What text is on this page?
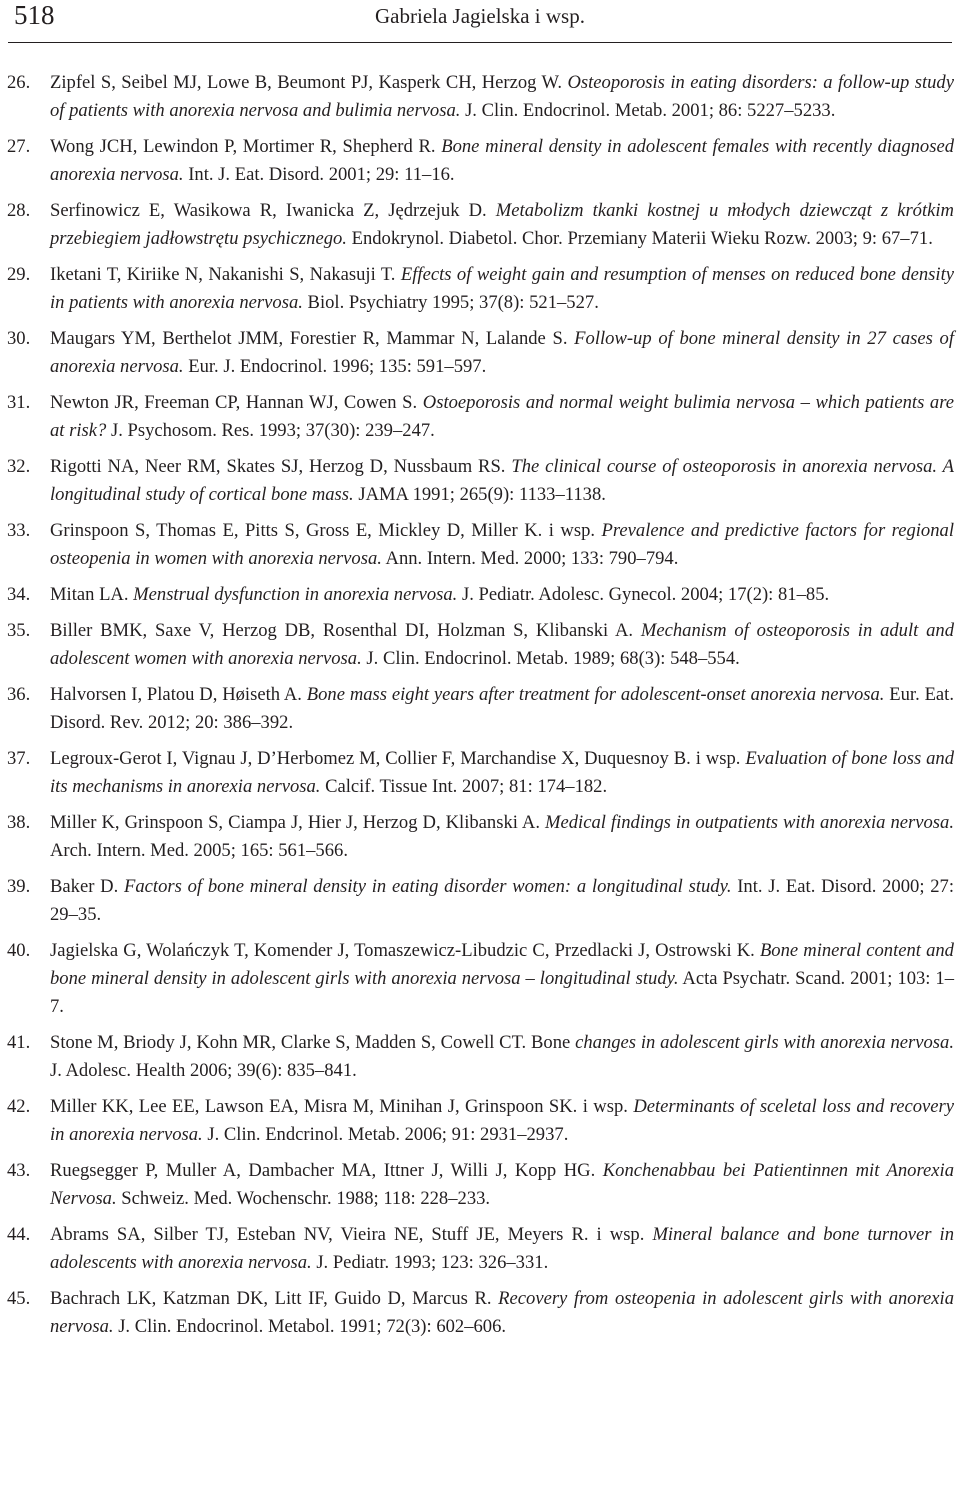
518	Gabriela Jagielska i wsp.
26. Zipfel S, Seibel MJ, Lowe B, Beumont PJ, Kasperk CH, Herzog W. Osteoporosis in eating disorders: a follow-up study of patients with anorexia nervosa and bulimia nervosa. J. Clin. Endocrinol. Metab. 2001; 86: 5227–5233.
27. Wong JCH, Lewindon P, Mortimer R, Shepherd R. Bone mineral density in adolescent females with recently diagnosed anorexia nervosa. Int. J. Eat. Disord. 2001; 29: 11–16.
28. Serfinowicz E, Wasikowa R, Iwanicka Z, Jędrzejuk D. Metabolizm tkanki kostnej u młodych dziewcząt z krótkim przebiegiem jadłowstrętu psychicznego. Endokrynol. Diabetol. Chor. Przemiany Materii Wieku Rozw. 2003; 9: 67–71.
29. Iketani T, Kiriike N, Nakanishi S, Nakasuji T. Effects of weight gain and resumption of menses on reduced bone density in patients with anorexia nervosa. Biol. Psychiatry 1995; 37(8): 521–527.
30. Maugars YM, Berthelot JMM, Forestier R, Mammar N, Lalande S. Follow-up of bone mineral density in 27 cases of anorexia nervosa. Eur. J. Endocrinol. 1996; 135: 591–597.
31. Newton JR, Freeman CP, Hannan WJ, Cowen S. Ostoeporosis and normal weight bulimia nervosa – which patients are at risk? J. Psychosom. Res. 1993; 37(30): 239–247.
32. Rigotti NA, Neer RM, Skates SJ, Herzog D, Nussbaum RS. The clinical course of osteoporosis in anorexia nervosa. A longitudinal study of cortical bone mass. JAMA 1991; 265(9): 1133–1138.
33. Grinspoon S, Thomas E, Pitts S, Gross E, Mickley D, Miller K. i wsp. Prevalence and predictive factors for regional osteopenia in women with anorexia nervosa. Ann. Intern. Med. 2000; 133: 790–794.
34. Mitan LA. Menstrual dysfunction in anorexia nervosa. J. Pediatr. Adolesc. Gynecol. 2004; 17(2): 81–85.
35. Biller BMK, Saxe V, Herzog DB, Rosenthal DI, Holzman S, Klibanski A. Mechanism of osteoporosis in adult and adolescent women with anorexia nervosa. J. Clin. Endocrinol. Metab. 1989; 68(3): 548–554.
36. Halvorsen I, Platou D, Høiseth A. Bone mass eight years after treatment for adolescent-onset anorexia nervosa. Eur. Eat. Disord. Rev. 2012; 20: 386–392.
37. Legroux-Gerot I, Vignau J, D’Herbomez M, Collier F, Marchandise X, Duquesnoy B. i wsp. Evaluation of bone loss and its mechanisms in anorexia nervosa. Calcif. Tissue Int. 2007; 81: 174–182.
38. Miller K, Grinspoon S, Ciampa J, Hier J, Herzog D, Klibanski A. Medical findings in outpatients with anorexia nervosa. Arch. Intern. Med. 2005; 165: 561–566.
39. Baker D. Factors of bone mineral density in eating disorder women: a longitudinal study. Int. J. Eat. Disord. 2000; 27: 29–35.
40. Jagielska G, Wolańczyk T, Komender J, Tomaszewicz-Libudzic C, Przedlacki J, Ostrowski K. Bone mineral content and bone mineral density in adolescent girls with anorexia nervosa – longitudinal study. Acta Psychatr. Scand. 2001; 103: 1–7.
41. Stone M, Briody J, Kohn MR, Clarke S, Madden S, Cowell CT. Bone changes in adolescent girls with anorexia nervosa. J. Adolesc. Health 2006; 39(6): 835–841.
42. Miller KK, Lee EE, Lawson EA, Misra M, Minihan J, Grinspoon SK. i wsp. Determinants of sceletal loss and recovery in anorexia nervosa. J. Clin. Endcrinol. Metab. 2006; 91: 2931–2937.
43. Ruegsegger P, Muller A, Dambacher MA, Ittner J, Willi J, Kopp HG. Konchenabbau bei Patientinnen mit Anorexia Nervosa. Schweiz. Med. Wochenschr. 1988; 118: 228–233.
44. Abrams SA, Silber TJ, Esteban NV, Vieira NE, Stuff JE, Meyers R. i wsp. Mineral balance and bone turnover in adolescents with anorexia nervosa. J. Pediatr. 1993; 123: 326–331.
45. Bachrach LK, Katzman DK, Litt IF, Guido D, Marcus R. Recovery from osteopenia in adolescent girls with anorexia nervosa. J. Clin. Endocrinol. Metabol. 1991; 72(3): 602–606.
